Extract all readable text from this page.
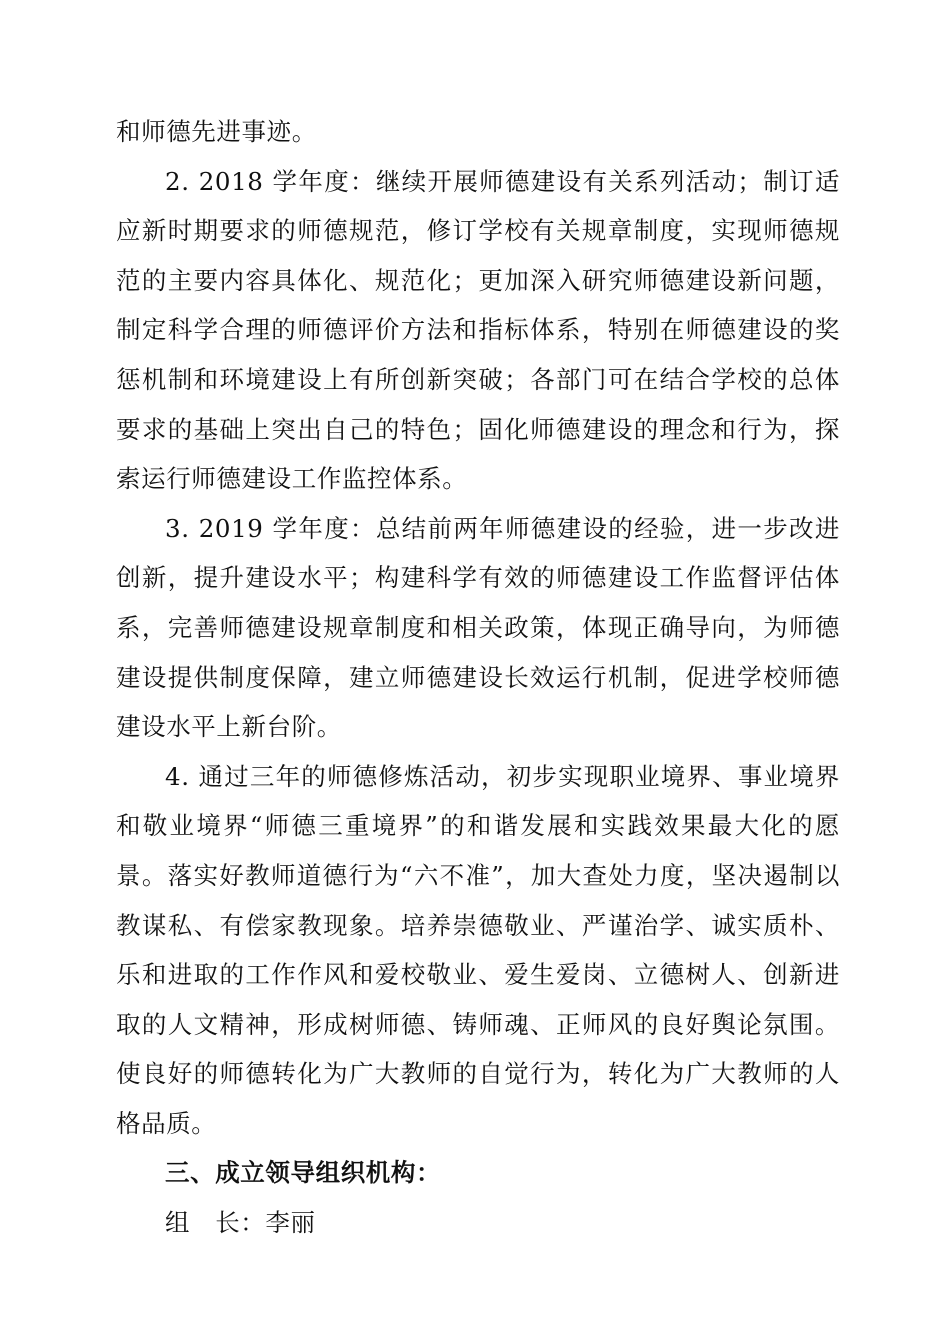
和师德先进事迹。

2. 2018 学年度：继续开展师德建设有关系列活动；制订适应新时期要求的师德规范，修订学校有关规章制度，实现师德规范的主要内容具体化、规范化；更加深入研究师德建设新问题，制定科学合理的师德评价方法和指标体系，特别在师德建设的奖惩机制和环境建设上有所创新突破；各部门可在结合学校的总体要求的基础上突出自己的特色；固化师德建设的理念和行为，探索运行师德建设工作监控体系。

3. 2019 学年度：总结前两年师德建设的经验，进一步改进创新，提升建设水平；构建科学有效的师德建设工作监督评估体系，完善师德建设规章制度和相关政策，体现正确导向，为师德建设提供制度保障，建立师德建设长效运行机制，促进学校师德建设水平上新台阶。

4. 通过三年的师德修炼活动，初步实现职业境界、事业境界和敬业境界“师德三重境界”的和谐发展和实践效果最大化的愿景。落实好教师道德行为“六不准”，加大查处力度，坚决遏制以教谋私、有偿家教现象。培养崇德敬业、严谨治学、诚实质朴、乐和进取的工作作风和爱校敬业、爱生爱岗、立德树人、创新进取的人文精神，形成树师德、铸师魂、正师风的良好舆论氛围。使良好的师德转化为广大教师的自觉行为，转化为广大教师的人格品质。

三、成立领导组织机构：

组　长：李丽
